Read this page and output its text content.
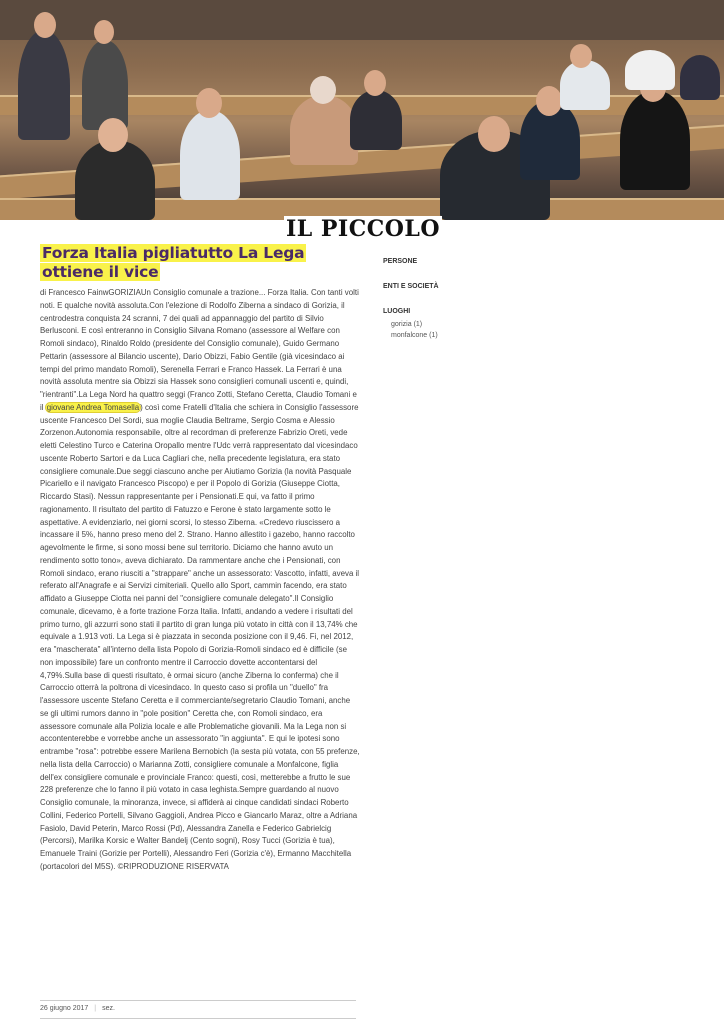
IL PICCOLO
Forza Italia pigliatutto La Lega ottiene il vice

di Francesco FainwGORIZIAUn Consiglio comunale a trazione... Forza Italia. Con tanti volti noti. E qualche novità assoluta.Con l'elezione di Rodolfo Ziberna a sindaco di Gorizia, il centrodestra conquista 24 scranni, 7 dei quali ad appannaggio del partito di Silvio Berlusconi. E così entreranno in Consiglio Silvana Romano (assessore al Welfare con Romoli sindaco), Rinaldo Roldo (presidente del Consiglio comunale), Guido Germano Pettarin (assessore al Bilancio uscente), Dario Obizzi, Fabio Gentile (già vicesindaco ai tempi del primo mandato Romoli), Serenella Ferrari e Franco Hassek. La Ferrari è una novità assoluta mentre sia Obizzi sia Hassek sono consiglieri comunali uscenti e, quindi, "rientranti".La Lega Nord ha quattro seggi (Franco Zotti, Stefano Ceretta, Claudio Tomani e il giovane Andrea Tomasella) così come Fratelli d'Italia che schiera in Consiglio l'assessore uscente Francesco Del Sordi, sua moglie Claudia Beltrame, Sergio Cosma e Alessio Zorzenon.Autonomia responsabile, oltre al recordman di preferenze Fabrizio Oreti, vede eletti Celestino Turco e Caterina Oropallo mentre l'Udc verrà rappresentato dal vicesindaco uscente Roberto Sartori e da Luca Cagliari che, nella precedente legislatura, era stato consigliere comunale.Due seggi ciascuno anche per Aiutiamo Gorizia (la novità Pasquale Picariello e il navigato Francesco Piscopo) e per il Popolo di Gorizia (Giuseppe Ciotta, Riccardo Stasi). Nessun rappresentante per i Pensionati.E qui, va fatto il primo ragionamento. Il risultato del partito di Fatuzzo e Ferone è stato largamente sotto le aspettative. A evidenziarlo, nei giorni scorsi, lo stesso Ziberna. «Credevo riuscissero a incassare il 5%, hanno preso meno del 2. Strano. Hanno allestito i gazebo, hanno raccolto agevolmente le firme, si sono mossi bene sul territorio. Diciamo che hanno avuto un rendimento sotto tono», aveva dichiarato. Da rammentare anche che i Pensionati, con Romoli sindaco, erano riusciti a "strappare" anche un assessorato: Vascotto, infatti, aveva il referato all'Anagrafe e ai Servizi cimiteriali. Quello allo Sport, cammin facendo, era stato affidato a Giuseppe Ciotta nei panni del "consigliere comunale delegato".Il Consiglio comunale, dicevamo, è a forte trazione Forza Italia. Infatti, andando a vedere i risultati del primo turno, gli azzurri sono stati il partito di gran lunga più votato in città con il 13,74% che equivale a 1.913 voti. La Lega si è piazzata in seconda posizione con il 9,46. Fi, nel 2012, era "mascherata" all'interno della lista Popolo di Gorizia-Romoli sindaco ed è difficile (se non impossibile) fare un confronto mentre il Carroccio dovette accontentarsi del 4,79%.Sulla base di questi risultato, è ormai sicuro (anche Ziberna lo conferma) che il Carroccio otterrà la poltrona di vicesindaco. In questo caso si profila un "duello" fra l'assessore uscente Stefano Ceretta e il commerciante/segretario Claudio Tomani, anche se gli ultimi rumors danno in "pole position" Ceretta che, con Romoli sindaco, era assessore comunale alla Polizia locale e alle Problematiche giovanili. Ma la Lega non si accontenterebbe e vorrebbe anche un assessorato "in aggiunta". E qui le ipotesi sono entrambe "rosa": potrebbe essere Marilena Bernobich (la sesta più votata, con 55 prefenze, nella lista della Carroccio) o Marianna Zotti, consigliere comunale a Monfalcone, figlia dell'ex consigliere comunale e provinciale Franco: questi, così, metterebbe a frutto le sue 228 preferenze che lo fanno il più votato in casa leghista.Sempre guardando al nuovo Consiglio comunale, la minoranza, invece, si affiderà ai cinque candidati sindaci Roberto Collini, Federico Portelli, Silvano Gaggioli, Andrea Picco e Giancarlo Maraz, oltre a Adriana Fasiolo, David Peterin, Marco Rossi (Pd), Alessandra Zanella e Federico Gabrielcig (Percorsi), Marilka Korsic e Walter Bandelj (Cento sogni), Rosy Tucci (Gorizia è tua), Emanuele Traini (Gorizie per Portelli), Alessandro Feri (Gorizia c'è), Ermanno Macchitella (portacolori del M5S). ©RIPRODUZIONE RISERVATA

26 giugno 2017 | sez.
PERSONE
ENTI E SOCIETÀ
LUOGHI
gorizia (1)
monfalcone (1)
